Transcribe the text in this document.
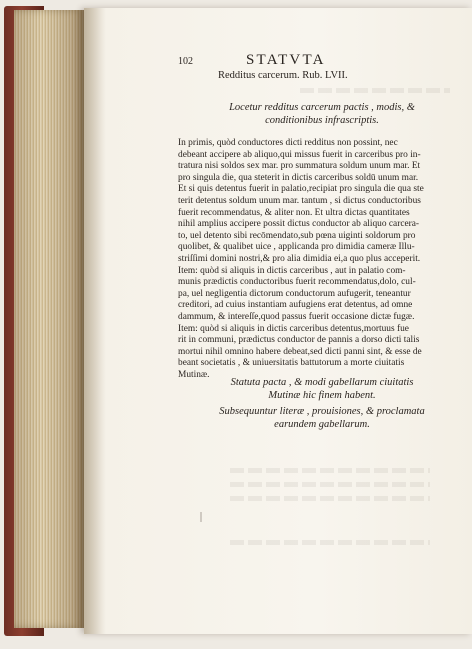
102	STATVTA
Redditus carcerum. Rub. LVII.
Locetur redditus carcerum pactis , modis, &
conditionibus infrascriptis.
In primis, quòd conductores dicti redditus non possint, nec
debeant accipere ab aliquo,qui missus fuerit in carceribus pro in-
tratura nisi soldos sex mar. pro summatura soldum unum mar. Et
pro singula die, qua steterit in dictis carceribus soldū unum mar.
Et si quis detentus fuerit in palatio,recipiat pro singula die qua ste
terit detentus soldum unum mar. tantum , si dictus conductoribus
fuerit recommendatus, & aliter non. Et ultra dictas quantitates
nihil amplius accipere possit dictus conductor ab aliquo carcera-
to, uel detento sibi recōmendato,sub pœna uiginti soldorum pro
quolibet, & qualibet uice , applicanda pro dimidia cameræ Illu-
striſſimi domini nostri,& pro alia dimidia ei,a quo plus acceperit.
Item: quòd si aliquis in dictis carceribus , aut in palatio com-
munis prædictis conductoribus fuerit recommendatus,dolo, cul-
pa, uel negligentia dictorum conductorum aufugerit, teneantur
creditori, ad cuius instantiam aufugiens erat detentus, ad omne
dammum, & intereſſe,quod passus fuerit occasione dictæ fugæ.
Item: quòd si aliquis in dictis carceribus detentus,mortuus fue
rit in communi, prædictus conductor de pannis a dorso dicti talis
mortui nihil omnino habere debeat,sed dicti panni sint, & esse de
beant societatis , & uniuersitatis battutorum a morte ciuitatis
Mutinæ.
Statuta pacta , & modi gabellarum ciuitatis
Mutinæ hic finem habent.
Subsequuntur literæ , prouisiones, & proclamata
earundem gabellarum.
